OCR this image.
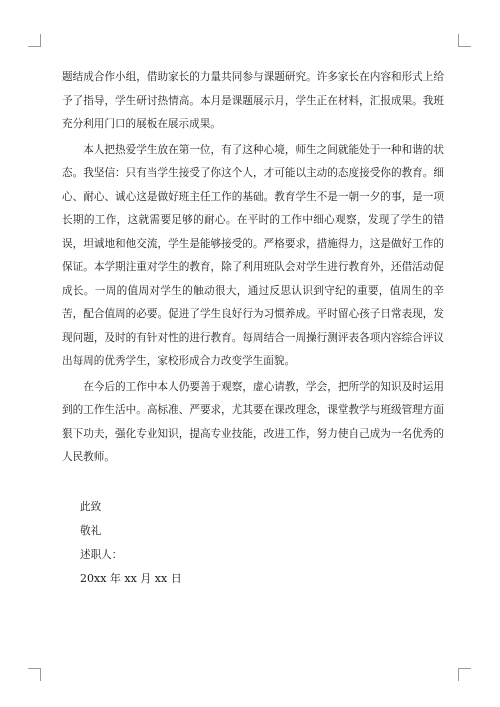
题结成合作小组，借助家长的力量共同参与课题研究。许多家长在内容和形式上给予了指导，学生研讨热情高。本月是课题展示月，学生正在材料，汇报成果。我班充分利用门口的展板在展示成果。

本人把热爱学生放在第一位，有了这种心境，师生之间就能处于一种和谐的状态。我坚信：只有当学生接受了你这个人，才可能以主动的态度接受你的教育。细心、耐心、诚心这是做好班主任工作的基础。教育学生不是一朝一夕的事，是一项长期的工作，这就需要足够的耐心。在平时的工作中细心观察，发现了学生的错误，坦诚地和他交流，学生是能够接受的。严格要求，措施得力，这是做好工作的保证。本学期注重对学生的教育，除了利用班队会对学生进行教育外，还借活动促成长。一周的值周对学生的触动很大，通过反思认识到守纪的重要，值周生的辛苦，配合值周的必要。促进了学生良好行为习惯养成。平时留心孩子日常表现，发现问题，及时的有针对性的进行教育。每周结合一周操行测评表各项内容综合评议出每周的优秀学生，家校形成合力改变学生面貌。

在今后的工作中本人仍要善于观察，虚心请教，学会，把所学的知识及时运用到的工作生活中。高标准、严要求，尤其要在课改理念，课堂教学与班级管理方面狠下功夫，强化专业知识，提高专业技能，改进工作，努力使自己成为一名优秀的人民教师。

此致
敬礼
述职人：
20xx 年 xx 月 xx 日
